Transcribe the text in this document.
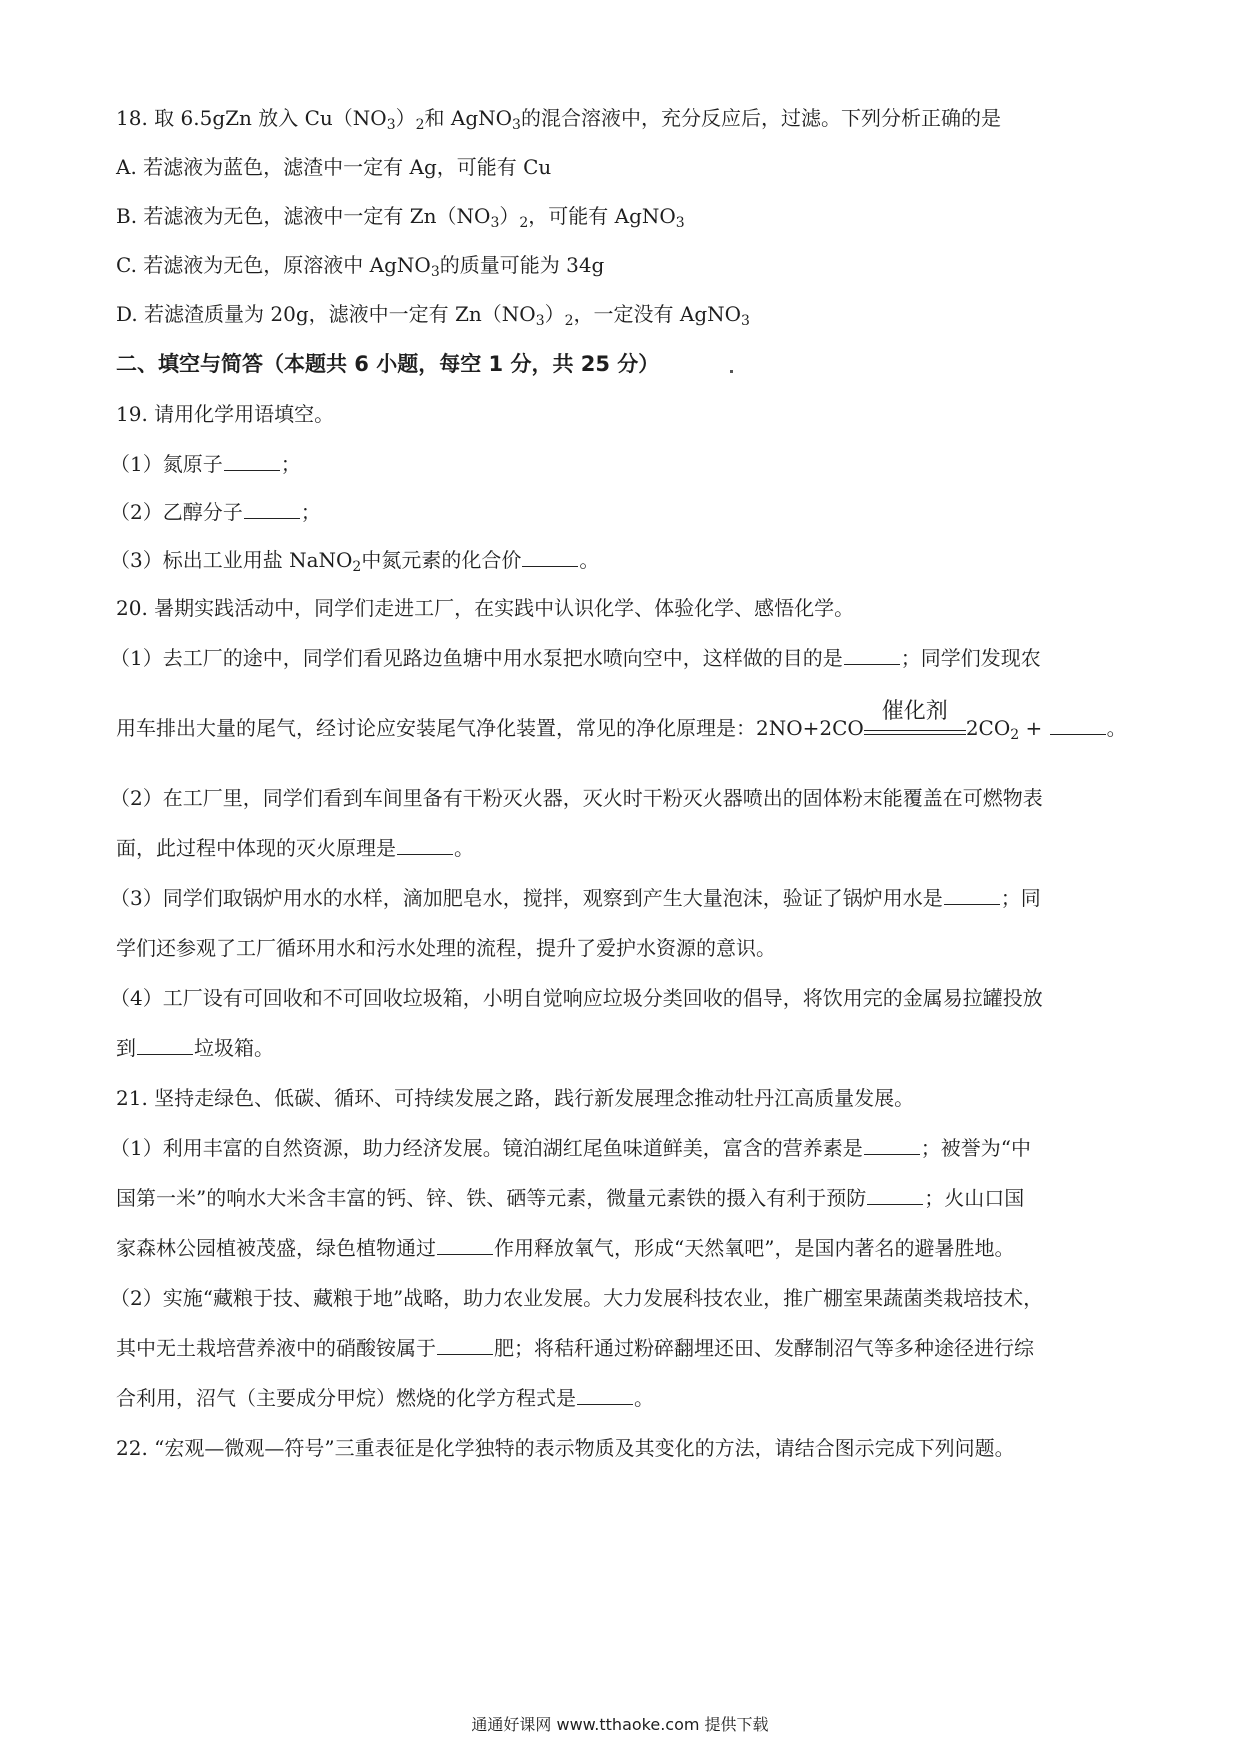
18. 取 6.5gZn 放入 $Cu(NO_3)_2$和 AgNO$_3$的混合溶液中，充分反应后，过滤。下列分析正确的是
A. 若滤液为蓝色，滤渣中一定有 Ag，可能有 Cu
B. 若滤液为无色，滤液中一定有 $Zn(NO_3)_2$，可能有 AgNO$_3$
C. 若滤液为无色，原溶液中 AgNO$_3$的质量可能为 34g
D. 若滤渣质量为 20g，滤液中一定有 $Zn(NO_3)_2$，一定没有 AgNO$_3$
二、填空与简答（本题共 6 小题，每空 1 分，共 25 分）
19. 请用化学用语填空。
（1）氮原子	；
（2）乙醇分子	；
（3）标出工业用盐 NaNO$_2$中氮元素的化合价	。
20. 暑期实践活动中，同学们走进工厂，在实践中认识化学、体验化学、感悟化学。
（1）去工厂的途中，同学们看见路边鱼塘中用水泵把水喷向空中，这样做的目的是	；同学们发现农
用车排出大量的尾气，经讨论应安装尾气净化装置，常见的净化原理是：2NO+2CO
催化剂
$2CO_2$ +	。
（2）在工厂里，同学们看到车间里备有干粉灭火器，灭火时干粉灭火器喷出的固体粉末能覆盖在可燃物表
面，此过程中体现的灭火原理是	。
（3）同学们取锅炉用水的水样，滴加肥皂水，搅拌，观察到产生大量泡沫，验证了锅炉用水是	；同
学们还参观了工厂循环用水和污水处理的流程，提升了爱护水资源的意识。
（4）工厂设有可回收和不可回收垃圾箱，小明自觉响应垃圾分类回收的倡导，将饮用完的金属易拉罐投放
到	垃圾箱。
21. 坚持走绿色、低碳、循环、可持续发展之路，践行新发展理念推动牡丹江高质量发展。
（1）利用丰富的自然资源，助力经济发展。镜泊湖红尾鱼味道鲜美，富含的营养素是	；被誉为“中
国第一米”的响水大米含丰富的钙、锌、铁、硒等元素，微量元素铁的摄入有利于预防	；火山口国
家森林公园植被茂盛，绿色植物通过	作用释放氧气，形成“天然氧吧”，是国内著名的避暑胜地。
（2）实施“藏粮于技、藏粮于地”战略，助力农业发展。大力发展科技农业，推广棚室果蔬菌类栽培技术，
其中无土栽培营养液中的硝酸铵属于	肥；将秸秆通过粉碎翻埋还田、发酵制沼气等多种途径进行综
合利用，沼气（主要成分甲烷）燃烧的化学方程式是	。
22. “宏观—微观—符号”三重表征是化学独特的表示物质及其变化的方法，请结合图示完成下列问题。
通通好课网 www.tthaoke.com 提供下载
